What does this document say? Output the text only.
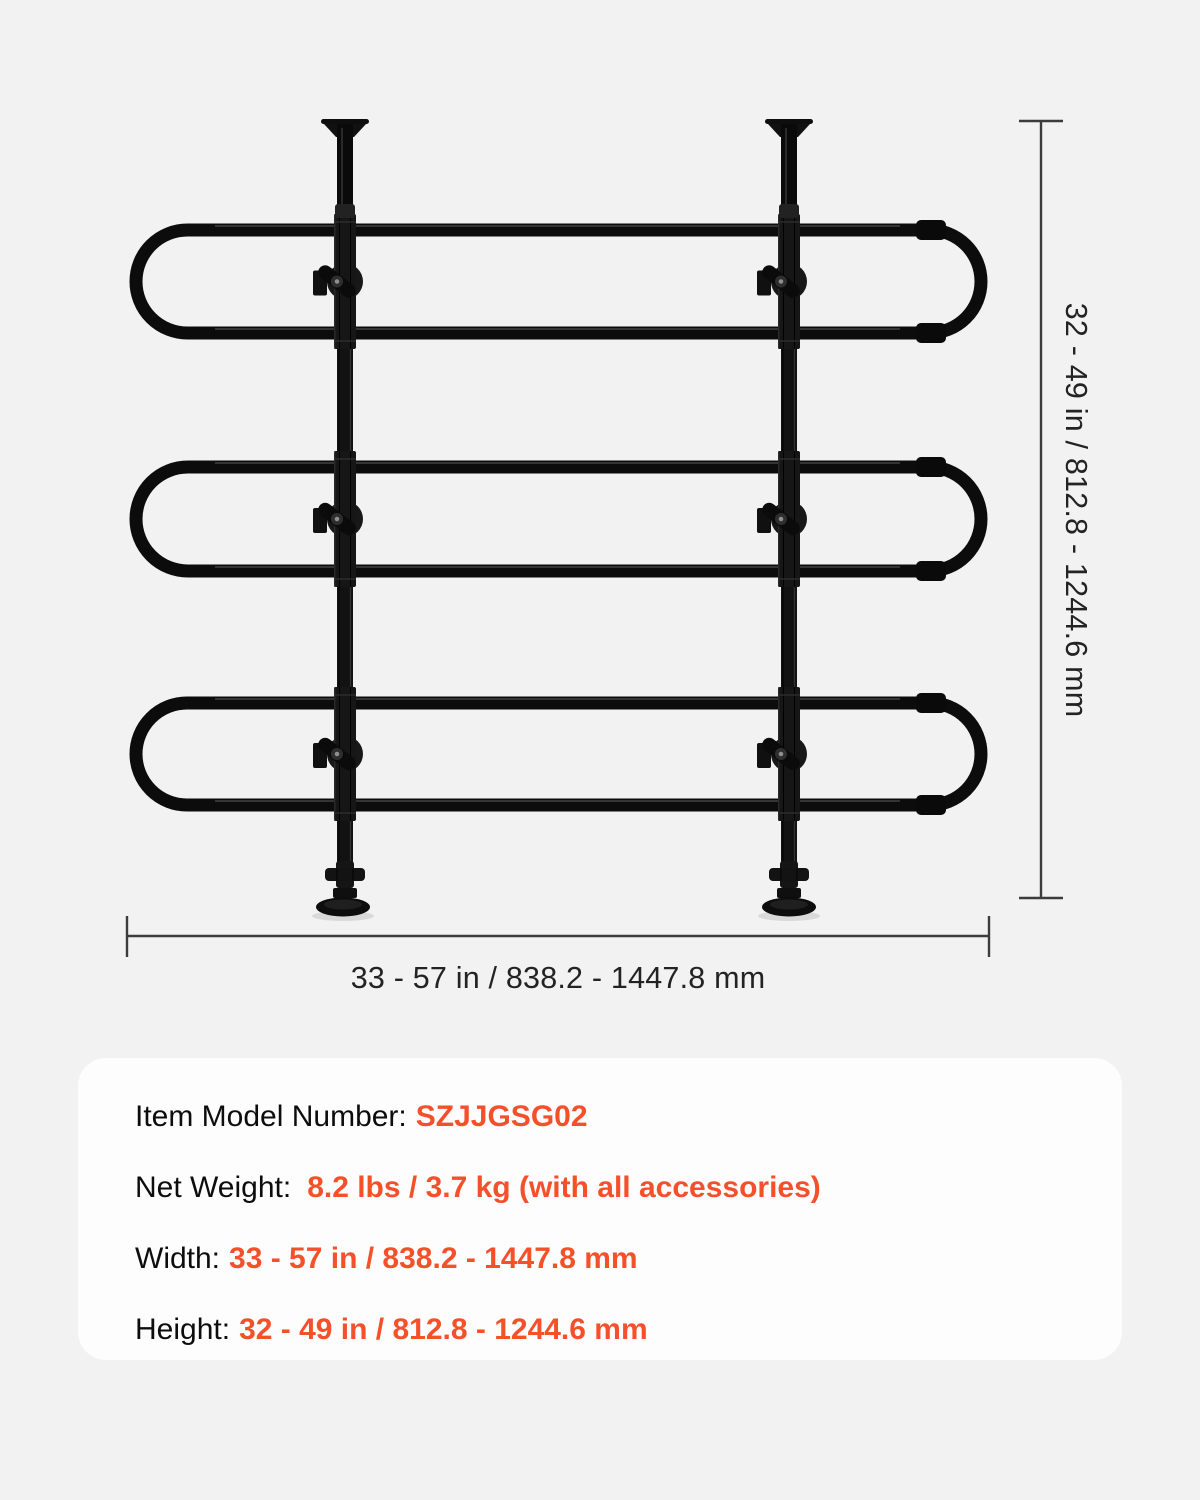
32 - 49 in / 812.8 - 1244.6 mm
33 - 57 in / 838.2 - 1447.8 mm
Item Model Number: SZJJGSG02
Net Weight: 8.2 lbs / 3.7 kg (with all accessories)
Width: 33 - 57 in / 838.2 - 1447.8 mm
Height: 32 - 49 in / 812.8 - 1244.6 mm
